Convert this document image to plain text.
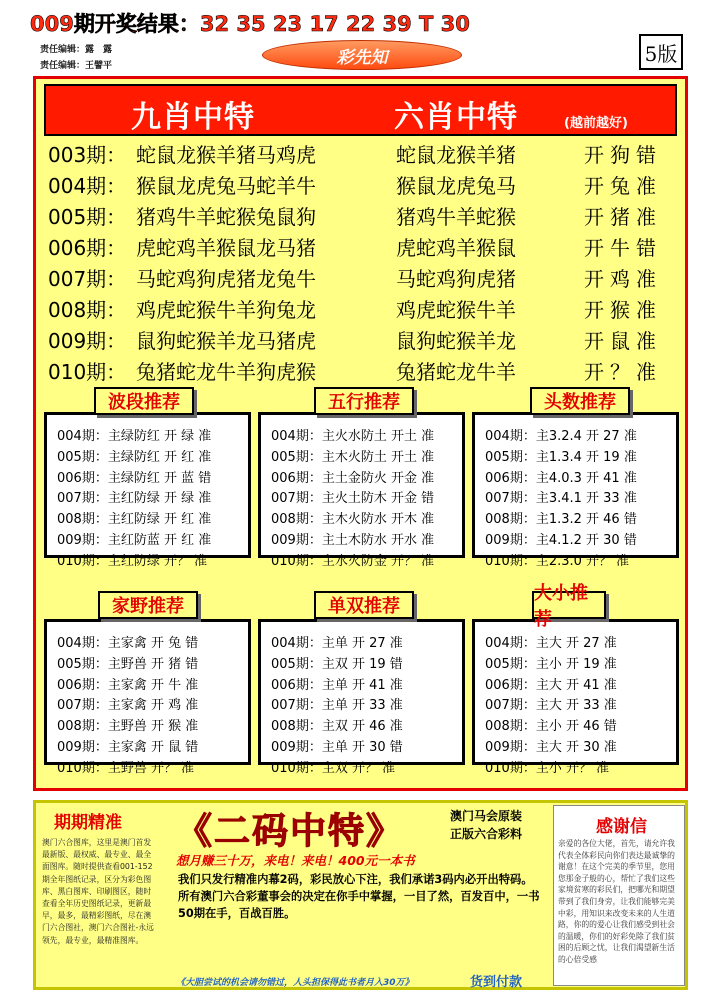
009期开奖结果：32 35 23 17 22 39 T 30
责任编辑：露　露
责任编辑：王譬平	彩先知	5版
九肖中特	六肖中特	(越前越好)
003期： 蛇鼠龙猴羊猪马鸡虎	蛇鼠龙猴羊猪	开狗错
004期： 猴鼠龙虎兔马蛇羊牛	猴鼠龙虎兔马	开兔准
005期： 猪鸡牛羊蛇猴兔鼠狗	猪鸡牛羊蛇猴	开猪准
006期： 虎蛇鸡羊猴鼠龙马猪	虎蛇鸡羊猴鼠	开牛错
007期： 马蛇鸡狗虎猪龙兔牛	马蛇鸡狗虎猪	开鸡准
008期： 鸡虎蛇猴牛羊狗兔龙	鸡虎蛇猴牛羊	开猴准
009期： 鼠狗蛇猴羊龙马猪虎	鼠狗蛇猴羊龙	开鼠准
010期： 兔猪蛇龙牛羊狗虎猴	兔猪蛇龙牛羊	开？准
004期：主绿防红 开 绿 准
005期：主绿防红 开 红 准
006期：主绿防红 开 蓝 错
007期：主红防绿 开 绿 准
008期：主红防绿 开 红 准
009期：主红防蓝 开 红 准
010期：主红防绿 开？ 准
波段推荐
004期：主火水防土 开土 准
005期：主木火防土 开土 准
006期：主土金防火 开金 准
007期：主火土防木 开金 错
008期：主木火防水 开木 准
009期：主土木防水 开水 准
010期：主水火防金 开？ 准
五行推荐
004期：主3.2.4 开 27 准
005期：主1.3.4 开 19 准
006期：主4.0.3 开 41 准
007期：主3.4.1 开 33 准
008期：主1.3.2 开 46 错
009期：主4.1.2 开 30 错
010期：主2.3.0 开？ 准
头数推荐
004期：主家禽 开 兔 错
005期：主野兽 开 猪 错
006期：主家禽 开 牛 准
007期：主家禽 开 鸡 准
008期：主野兽 开 猴 准
009期：主家禽 开 鼠 错
010期：主野兽 开？ 准
家野推荐
004期：主单 开 27 准
005期：主双 开 19 错
006期：主单 开 41 准
007期：主单 开 33 准
008期：主双 开 46 准
009期：主单 开 30 错
010期：主双 开？ 准
单双推荐
004期：主大 开 27 准
005期：主小 开 19 准
006期：主大 开 41 准
007期：主大 开 33 准
008期：主小 开 46 错
009期：主大 开 30 准
010期：主小 开？ 准
大小推
期期精准
澳门六合图库，这里是澳门首发最新版、最权威、最专业、最全面图库。随时提供查看001-152期全年图纸记录，区分为彩色图库、黑白图库、印刷图区，随时查看全年历史图纸记录，更新最早，最多，最精彩图纸，尽在澳门六合图社，澳门六合图社-永远领先，最专业，最精准图库。
《二码中特》	澳门马会原装
正版六合彩料
想月赚三十万，来电！来电！400元一本书
我们只发行精准内幕2码，彩民放心下注，我们承诺3码内必开出特码。所有澳门六合彩董事会的决定在你手中掌握，一目了然，百发百中，一书50期在手，百战百胜。
《大胆尝试的机会请勿错过，人头担保得此书者月入30万》	货到付款
感谢信
亲爱的各位大佬，首先，请允许我代表全体彩民向你们表达最诚挚的谢意！在这个完美的季节里，您用您那金子般的心，帮忙了我们这些家境贫寒的彩民们，把哪光和期望带到了我们身旁，让我们能够完美中彩，用知识来改变未来的人生道路，你的的爱心让我们感受到社会的温暖，你们的好彩免除了我们贫困的后顾之忧，让我们渴望新生活的心倍受感
